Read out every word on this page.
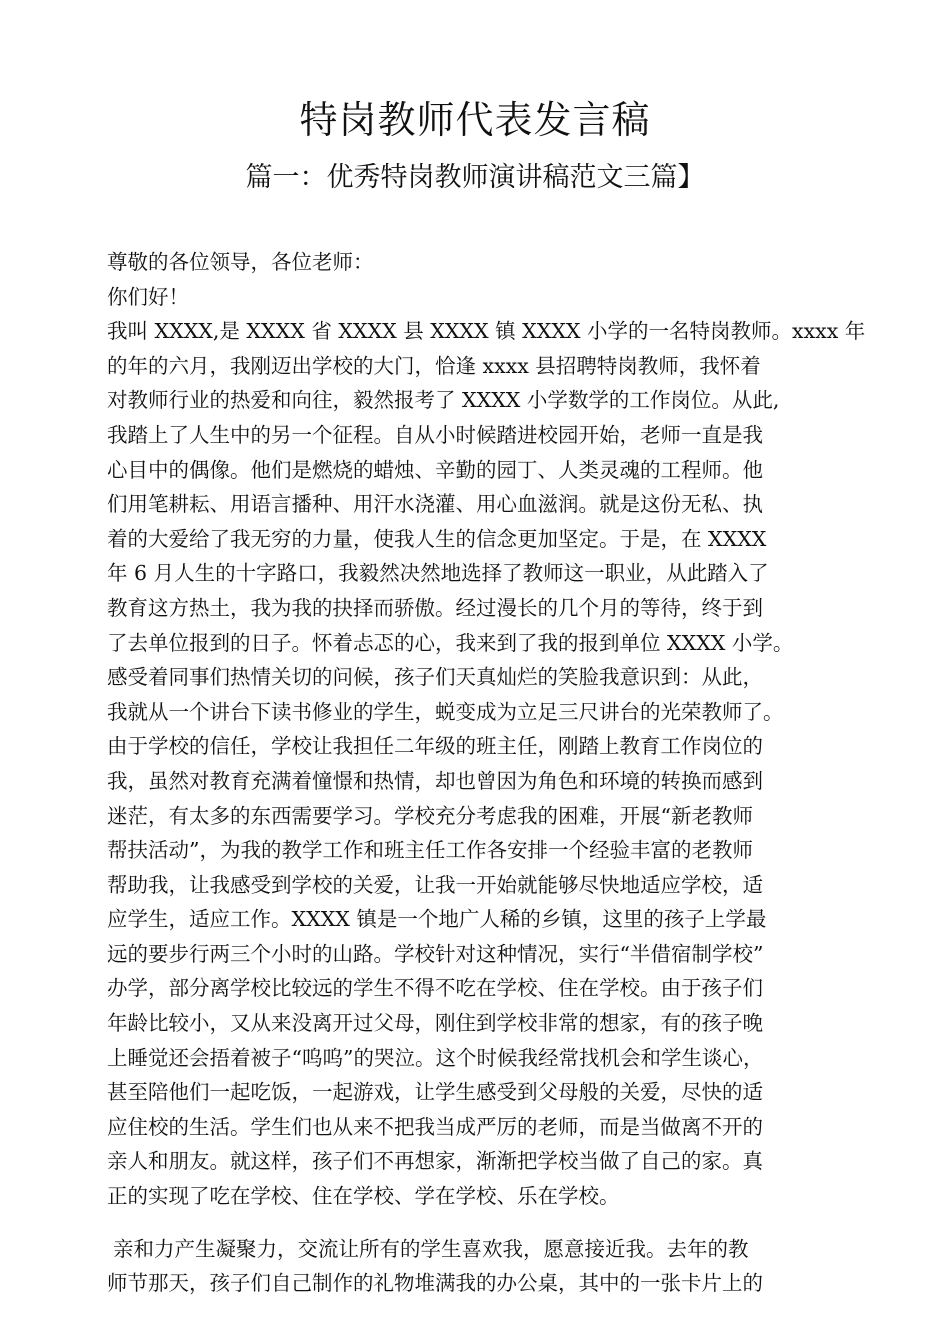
特岗教师代表发言稿
篇一：优秀特岗教师演讲稿范文三篇】
尊敬的各位领导，各位老师：
你们好！
我叫 XXXX,是 XXXX 省 XXXX 县 XXXX 镇 XXXX 小学的一名特岗教师。xxxx 年
的年的六月，我刚迈出学校的大门，恰逢 xxxx 县招聘特岗教师，我怀着
对教师行业的热爱和向往，毅然报考了 XXXX 小学数学的工作岗位。从此,
我踏上了人生中的另一个征程。自从小时候踏进校园开始，老师一直是我
心目中的偶像。他们是燃烧的蜡烛、辛勤的园丁、人类灵魂的工程师。他
们用笔耕耘、用语言播种、用汗水浇灌、用心血滋润。就是这份无私、执
着的大爱给了我无穷的力量，使我人生的信念更加坚定。于是，在 XXXX
年 6 月人生的十字路口，我毅然决然地选择了教师这一职业，从此踏入了
教育这方热土，我为我的抉择而骄傲。经过漫长的几个月的等待，终于到
了去单位报到的日子。怀着忐忑的心，我来到了我的报到单位 XXXX 小学。
感受着同事们热情关切的问候，孩子们天真灿烂的笑脸我意识到：从此，
我就从一个讲台下读书修业的学生，蜕变成为立足三尺讲台的光荣教师了。
由于学校的信任，学校让我担任二年级的班主任，刚踏上教育工作岗位的
我，虽然对教育充满着憧憬和热情，却也曾因为角色和环境的转换而感到
迷茫，有太多的东西需要学习。学校充分考虑我的困难，开展“新老教师
帮扶活动”，为我的教学工作和班主任工作各安排一个经验丰富的老教师
帮助我，让我感受到学校的关爱，让我一开始就能够尽快地适应学校，适
应学生，适应工作。XXXX 镇是一个地广人稀的乡镇，这里的孩子上学最
远的要步行两三个小时的山路。学校针对这种情况，实行“半借宿制学校”
办学，部分离学校比较远的学生不得不吃在学校、住在学校。由于孩子们
年龄比较小，又从来没离开过父母，刚住到学校非常的想家，有的孩子晚
上睡觉还会捂着被子“呜呜”的哭泣。这个时候我经常找机会和学生谈心，
甚至陪他们一起吃饭，一起游戏，让学生感受到父母般的关爱，尽快的适
应住校的生活。学生们也从来不把我当成严厉的老师，而是当做离不开的
亲人和朋友。就这样，孩子们不再想家，渐渐把学校当做了自己的家。真
正的实现了吃在学校、住在学校、学在学校、乐在学校。
亲和力产生凝聚力，交流让所有的学生喜欢我，愿意接近我。去年的教
师节那天，孩子们自己制作的礼物堆满我的办公桌，其中的一张卡片上的
